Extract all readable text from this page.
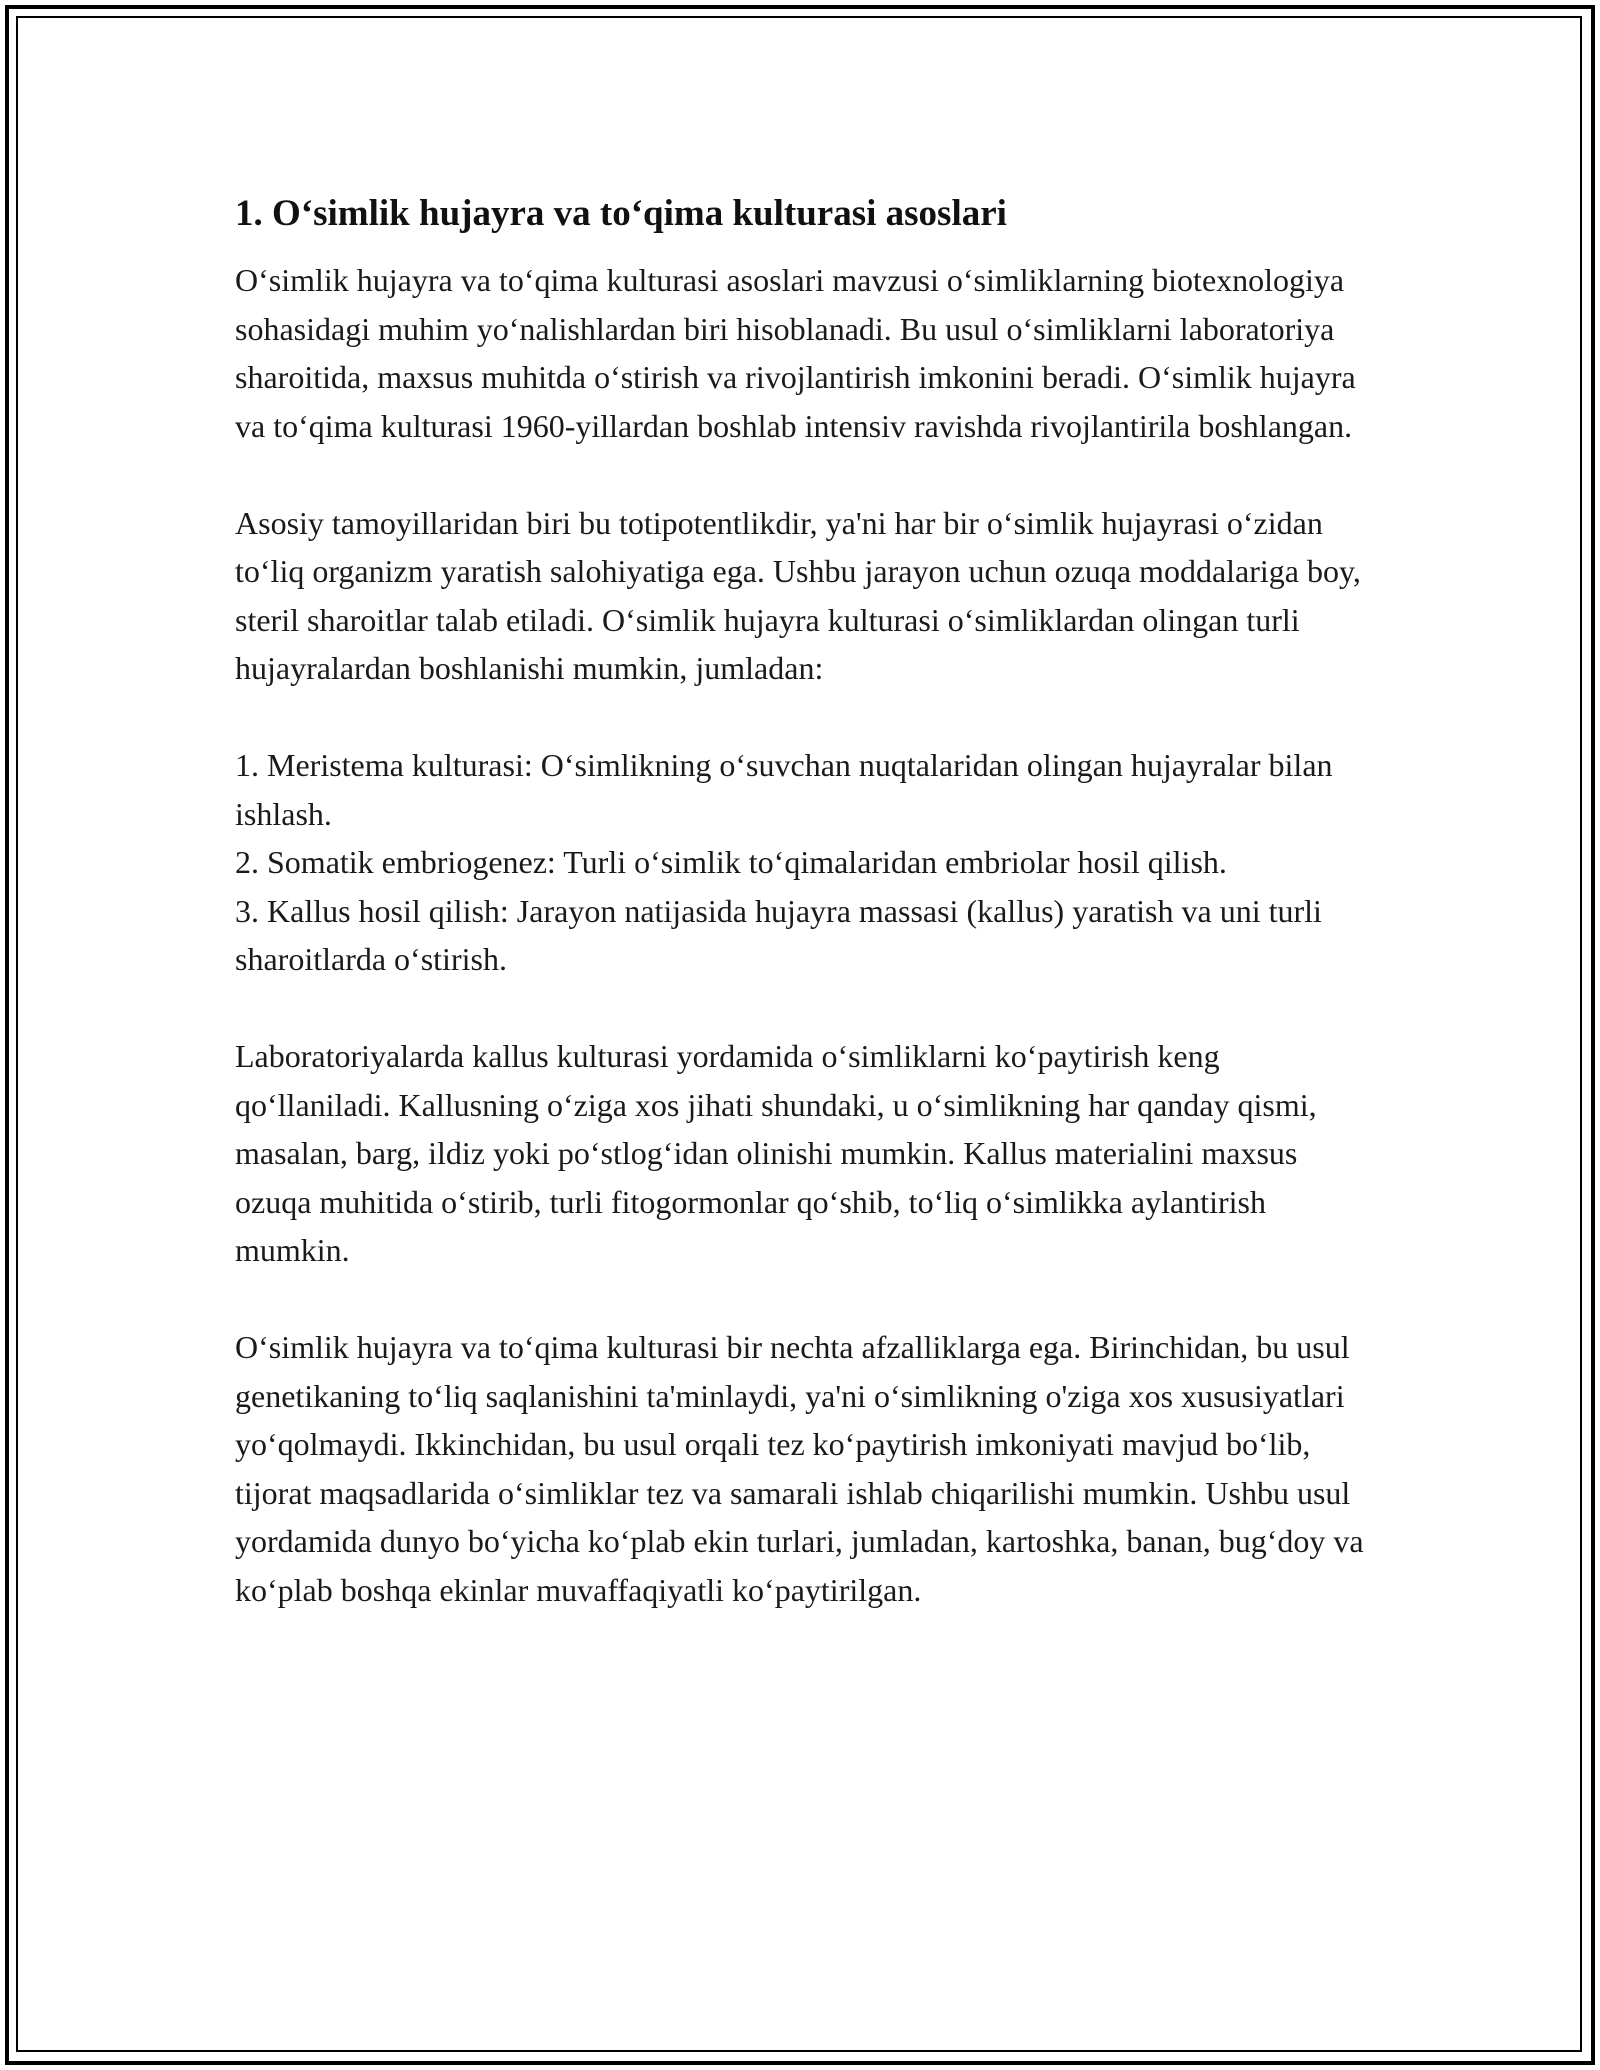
1. O‘simlik hujayra va to‘qima kulturasi asoslari

O‘simlik hujayra va to‘qima kulturasi asoslari mavzusi o‘simliklarning biotexnologiya sohasidagi muhim yo‘nalishlardan biri hisoblanadi. Bu usul o‘simliklarni laboratoriya sharoitida, maxsus muhitda o‘stirish va rivojlantirish imkonini beradi. O‘simlik hujayra va to‘qima kulturasi 1960-yillardan boshlab intensiv ravishda rivojlantirila boshlangan.

Asosiy tamoyillaridan biri bu totipotentlikdir, ya'ni har bir o‘simlik hujayrasi o‘zidan to‘liq organizm yaratish salohiyatiga ega. Ushbu jarayon uchun ozuqa moddalariga boy, steril sharoitlar talab etiladi. O‘simlik hujayra kulturasi o‘simliklardan olingan turli hujayralardan boshlanishi mumkin, jumladan:

1. Meristema kulturasi: O‘simlikning o‘suvchan nuqtalaridan olingan hujayralar bilan ishlash.
2. Somatik embriogenez: Turli o‘simlik to‘qimalaridan embriolar hosil qilish.
3. Kallus hosil qilish: Jarayon natijasida hujayra massasi (kallus) yaratish va uni turli sharoitlarda o‘stirish.

Laboratoriyalarda kallus kulturasi yordamida o‘simliklarni ko‘paytirish keng qo‘llaniladi. Kallusning o‘ziga xos jihati shundaki, u o‘simlikning har qanday qismi, masalan, barg, ildiz yoki po‘stlog‘idan olinishi mumkin. Kallus materialini maxsus ozuqa muhitida o‘stirib, turli fitogormonlar qo‘shib, to‘liq o‘simlikka aylantirish mumkin.

O‘simlik hujayra va to‘qima kulturasi bir nechta afzalliklarga ega. Birinchidan, bu usul genetikaning to‘liq saqlanishini ta'minlaydi, ya'ni o‘simlikning o'ziga xos xususiyatlari yo‘qolmaydi. Ikkinchidan, bu usul orqali tez ko‘paytirish imkoniyati mavjud bo‘lib, tijorat maqsadlarida o‘simliklar tez va samarali ishlab chiqarilishi mumkin. Ushbu usul yordamida dunyo bo‘yicha ko‘plab ekin turlari, jumladan, kartoshka, banan, bug‘doy va ko‘plab boshqa ekinlar muvaffaqiyatli ko‘paytirilgan.
